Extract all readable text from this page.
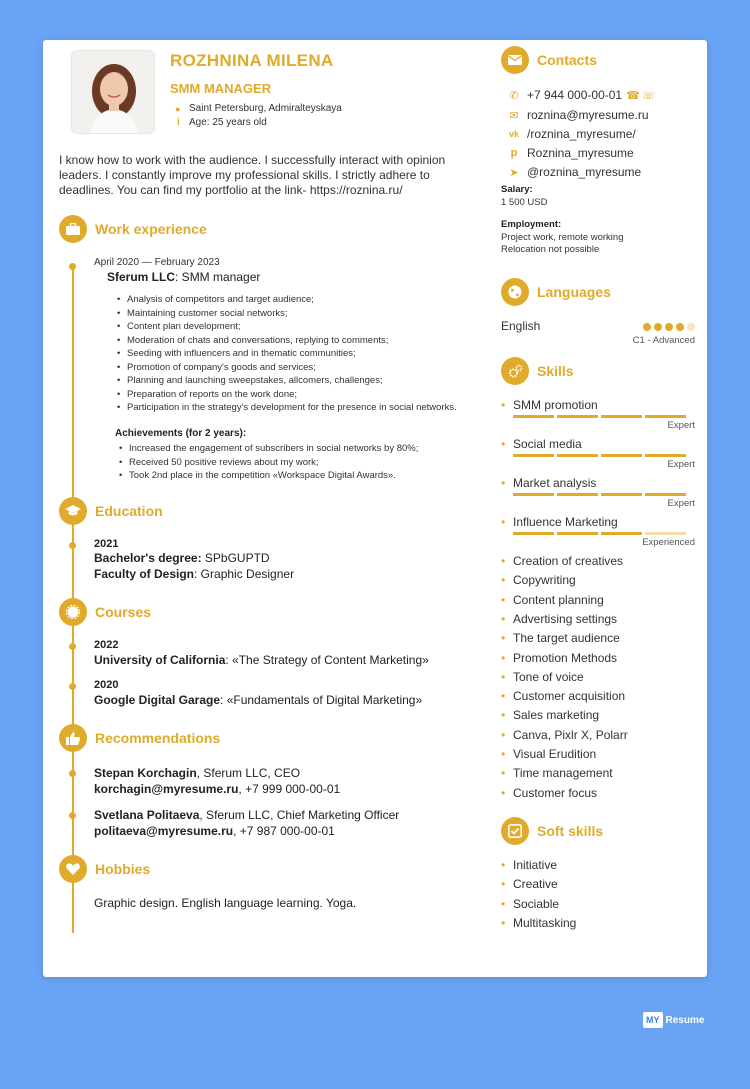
ROZHNINA MILENA
SMM MANAGER
● Saint Petersburg, Admiralteyskaya
i Age: 25 years old
I know how to work with the audience. I successfully interact with opinion leaders. I constantly improve my professional skills. I strictly adhere to deadlines. You can find my portfolio at the link- https://roznina.ru/
Work experience
April 2020 — February 2023
Sferum LLC: SMM manager
• Analysis of competitors and target audience;
• Maintaining customer social networks;
• Content plan development;
• Moderation of chats and conversations, replying to comments;
• Seeding with influencers and in thematic communities;
• Promotion of company's goods and services;
• Planning and launching sweepstakes, allcomers, challenges;
• Preparation of reports on the work done;
• Participation in the strategy's development for the presence in social networks.
Achievements (for 2 years):
• Increased the engagement of subscribers in social networks by 80%;
• Received 50 positive reviews about my work;
• Took 2nd place in the competition «Workspace Digital Awards».
Education
2021
Bachelor's degree: SPbGUPTD
Faculty of Design: Graphic Designer
Courses
2022
University of California: «The Strategy of Content Marketing»
2020
Google Digital Garage: «Fundamentals of Digital Marketing»
Recommendations
Stepan Korchagin, Sferum LLC, CEO
korchagin@myresume.ru, +7 999 000-00-01
Svetlana Politaeva, Sferum LLC, Chief Marketing Officer
politaeva@myresume.ru, +7 987 000-00-01
Hobbies
Graphic design. English language learning. Yoga.
Contacts
✆ +7 944 000-00-01 ☎ ☏
✉ roznina@myresume.ru
vk /roznina_myresume/
p Roznina_myresume
➤ @roznina_myresume
Salary:
1 500 USD
Employment:
Project work, remote working
Relocation not possible
Languages
English
C1 - Advanced
Skills
• SMM promotion
Expert
• Social media
Expert
• Market analysis
Expert
• Influence Marketing
Experienced
• Creation of creatives
• Copywriting
• Content planning
• Advertising settings
• The target audience
• Promotion Methods
• Tone of voice
• Customer acquisition
• Sales marketing
• Canva, Pixlr X, Polarr
• Visual Erudition
• Time management
• Customer focus
Soft skills
• Initiative
• Creative
• Sociable
• Multitasking
MY Resume
